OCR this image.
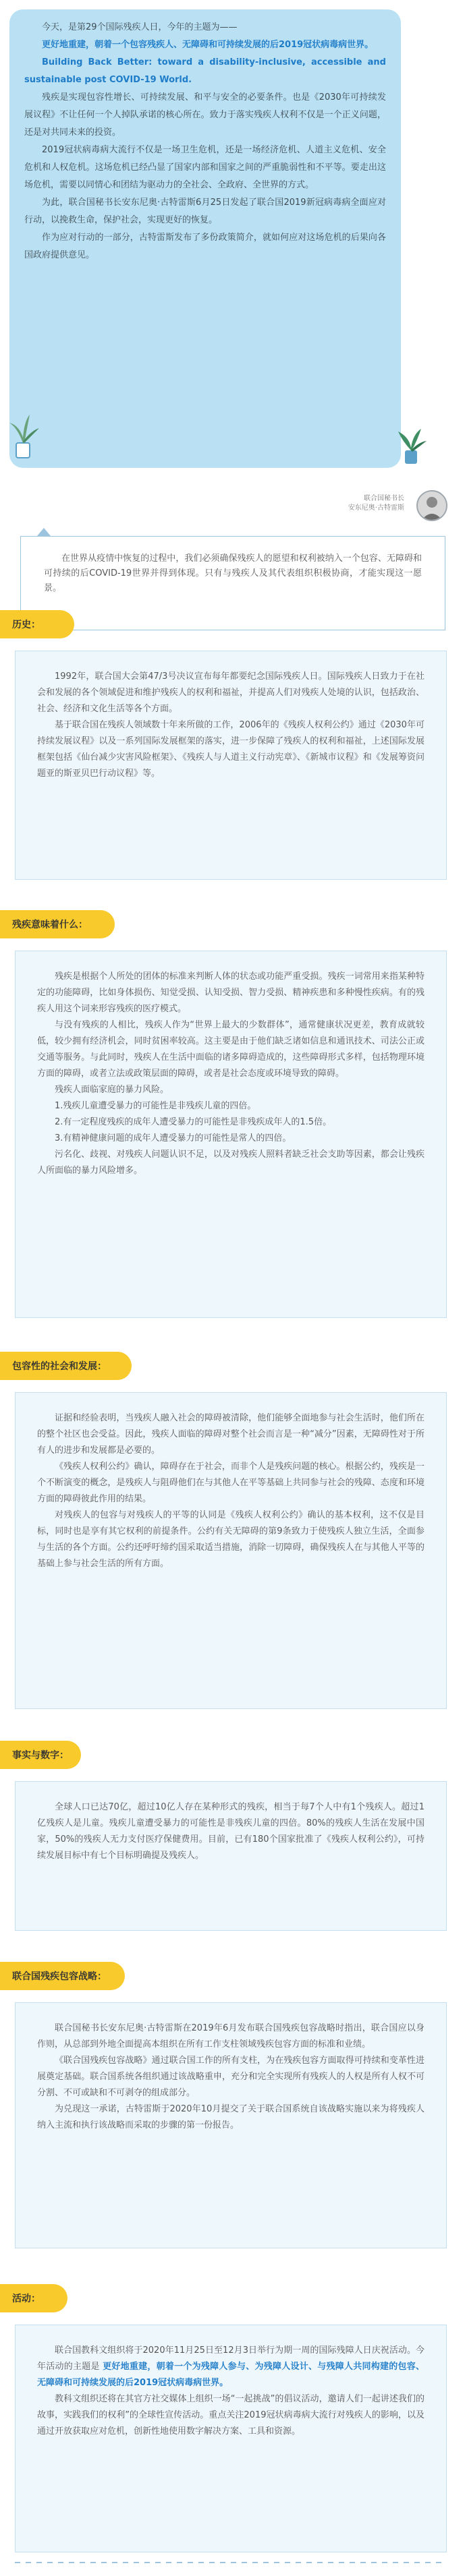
今天，是第29个国际残疾人日，今年的主题为——

更好地重建，朝着一个包容残疾人、无障碍和可持续发展的后2019冠状病毒病世界。

Building Back Better: toward a disability-inclusive, accessible and sustainable post COVID-19 World.

残疾是实现包容性增长、可持续发展、和平与安全的必要条件。也是《2030年可持续发展议程》不让任何一个人掉队承诺的核心所在。致力于落实残疾人权利不仅是一个正义问题，还是对共同未来的投资。

2019冠状病毒病大流行不仅是一场卫生危机，还是一场经济危机、人道主义危机、安全危机和人权危机。这场危机已经凸显了国家内部和国家之间的严重脆弱性和不平等。要走出这场危机，需要以同情心和团结为驱动力的全社会、全政府、全世界的方式。

为此，联合国秘书长安东尼奥·古特雷斯6月25日发起了联合国2019新冠病毒病全面应对行动，以挽救生命，保护社会，实现更好的恢复。

作为应对行动的一部分，古特雷斯发布了多份政策简介，就如何应对这场危机的后果向各国政府提供意见。

联合国秘书长
安东尼奥·古特雷斯

在世界从疫情中恢复的过程中，我们必须确保残疾人的愿望和权利被纳入一个包容、无障碍和可持续的后COVID-19世界并得到体现。只有与残疾人及其代表组织积极协商，才能实现这一愿景。

历史：

1992年，联合国大会第47/3号决议宣布每年都要纪念国际残疾人日。国际残疾人日致力于在社会和发展的各个领域促进和维护残疾人的权利和福祉，并提高人们对残疾人处境的认识，包括政治、社会、经济和文化生活等各个方面。

基于联合国在残疾人领域数十年来所做的工作，2006年的《残疾人权利公约》通过《2030年可持续发展议程》以及一系列国际发展框架的落实，进一步保障了残疾人的权利和福祉，上述国际发展框架包括《仙台减少灾害风险框架》、《残疾人与人道主义行动宪章》、《新城市议程》和《发展筹资问题亚的斯亚贝巴行动议程》等。

残疾意味着什么：

残疾是根据个人所处的团体的标准来判断人体的状态或功能严重受损。残疾一词常用来指某种特定的功能障碍，比如身体损伤、知觉受损、认知受损、智力受损、精神疾患和多种慢性疾病。有的残疾人用这个词来形容残疾的医疗模式。

与没有残疾的人相比，残疾人作为“世界上最大的少数群体”，通常健康状况更差，教育成就较低，较少拥有经济机会，同时贫困率较高。这主要是由于他们缺乏诸如信息和通讯技术、司法公正或交通等服务。与此同时，残疾人在生活中面临的诸多障碍造成的，这些障碍形式多样，包括物理环境方面的障碍，或者立法或政策层面的障碍，或者是社会态度或环境导致的障碍。

残疾人面临家庭的暴力风险。

1.残疾儿童遭受暴力的可能性是非残疾儿童的四倍。

2.有一定程度残疾的成年人遭受暴力的可能性是非残疾成年人的1.5倍。

3.有精神健康问题的成年人遭受暴力的可能性是常人的四倍。

污名化、歧视、对残疾人问题认识不足，以及对残疾人照料者缺乏社会支助等因素，都会让残疾人所面临的暴力风险增多。

包容性的社会和发展：

证据和经验表明，当残疾人融入社会的障碍被清除，他们能够全面地参与社会生活时，他们所在的整个社区也会受益。因此，残疾人面临的障碍对整个社会而言是一种“减分”因素，无障碍性对于所有人的进步和发展都是必要的。

《残疾人权利公约》确认，障碍存在于社会，而非个人是残疾问题的核心。根据公约，残疾是一个不断演变的概念，是残疾人与阻碍他们在与其他人在平等基础上共同参与社会的残障、态度和环境方面的障碍彼此作用的结果。

对残疾人的包容与对残疾人的平等的认同是《残疾人权利公约》确认的基本权利，这不仅是目标，同时也是享有其它权利的前提条件。公约有关无障碍的第9条致力于使残疾人独立生活，全面参与生活的各个方面。公约还呼吁缔约国采取适当措施，消除一切障碍，确保残疾人在与其他人平等的基础上参与社会生活的所有方面。

事实与数字：

全球人口已达70亿，超过10亿人存在某种形式的残疾，相当于每7个人中有1个残疾人。超过1亿残疾人是儿童。残疾儿童遭受暴力的可能性是非残疾儿童的四倍。80%的残疾人生活在发展中国家，50%的残疾人无力支付医疗保健费用。目前，已有180个国家批准了《残疾人权利公约》，可持续发展目标中有七个目标明确提及残疾人。

联合国残疾包容战略：

联合国秘书长安东尼奥·古特雷斯在2019年6月发布联合国残疾包容战略时指出，联合国应以身作则，从总部到外地全面提高本组织在所有工作支柱领域残疾包容方面的标准和业绩。

《联合国残疾包容战略》通过联合国工作的所有支柱，为在残疾包容方面取得可持续和变革性进展奠定基础。联合国系统各组织通过该战略重申，充分和完全实现所有残疾人的人权是所有人权不可分割、不可或缺和不可剥夺的组成部分。

为兑现这一承诺，古特雷斯于2020年10月提交了关于联合国系统自该战略实施以来为将残疾人纳入主流和执行该战略而采取的步骤的第一份报告。

活动：

联合国教科文组织将于2020年11月25日至12月3日举行为期一周的国际残障人日庆祝活动。今年活动的主题是 更好地重建，朝着一个为残障人参与、为残障人设计、与残障人共同构建的包容、无障碍和可持续发展的后2019冠状病毒病世界。

教科文组织还将在其官方社交媒体上组织一场“一起挑战”的倡议活动，邀请人们一起讲述我们的故事，实践我们的权利”的全球性宣传活动。重点关注2019冠状病毒病大流行对残疾人的影响，以及通过开放获取应对危机，创新性地使用数字解决方案、工具和资源。
